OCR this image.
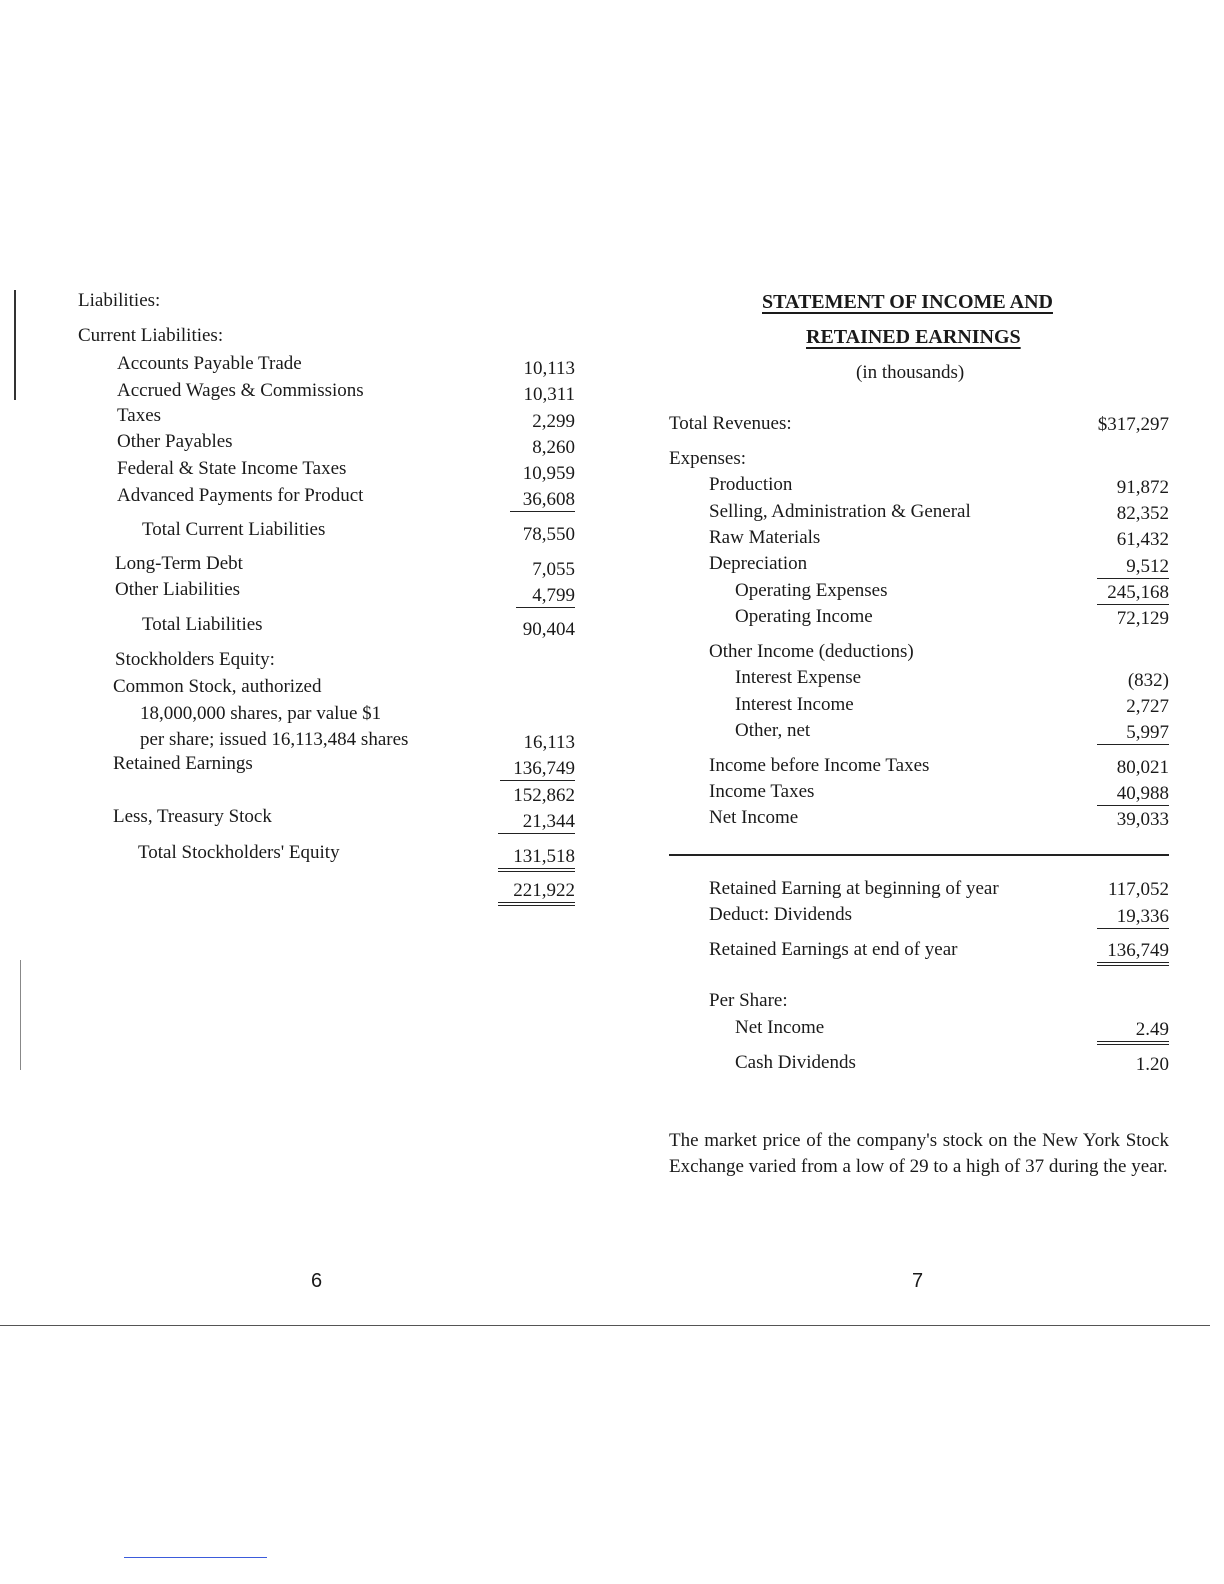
Liabilities:
Current Liabilities:
Accounts Payable Trade	10,113
Accrued Wages & Commissions	10,311
Taxes	2,299
Other Payables	8,260
Federal & State Income Taxes	10,959
Advanced Payments for Product	36,608
Total Current Liabilities	78,550
Long-Term Debt	7,055
Other Liabilities	4,799
Total Liabilities	90,404
Stockholders Equity:
Common Stock, authorized
18,000,000 shares, par value $1
per share; issued 16,113,484 shares	16,113
Retained Earnings	136,749
152,862
Less, Treasury Stock	21,344
Total Stockholders' Equity	131,518
221,922
6
STATEMENT OF INCOME AND
RETAINED EARNINGS
(in thousands)
Total Revenues:	$317,297
Expenses:
Production	91,872
Selling, Administration & General	82,352
Raw Materials	61,432
Depreciation	9,512
Operating Expenses	245,168
Operating Income	72,129
Other Income (deductions)
Interest Expense	(832)
Interest Income	2,727
Other, net	5,997
Income before Income Taxes	80,021
Income Taxes	40,988
Net Income	39,033
Retained Earning at beginning of year	117,052
Deduct: Dividends	19,336
Retained Earnings at end of year	136,749
Per Share:
Net Income	2.49
Cash Dividends	1.20
The market price of the company's stock on the New York Stock Exchange varied from a low of 29 to a high of 37 during the year.
7
